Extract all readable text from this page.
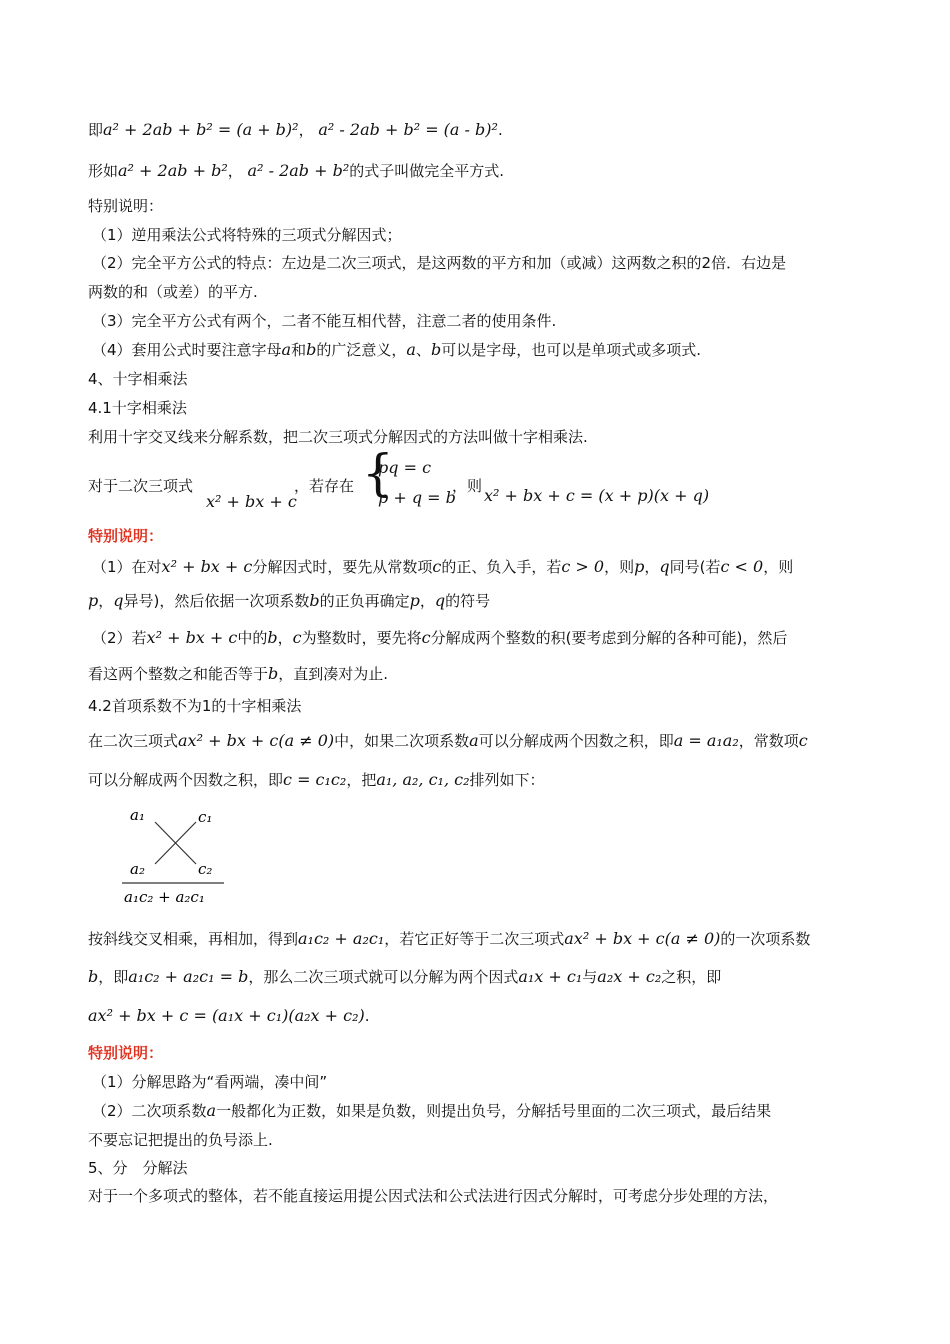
即a² + 2ab + b² = (a + b)²， a² - 2ab + b² = (a - b)².
形如a² + 2ab + b²， a² - 2ab + b²的式子叫做完全平方式.
特别说明：
（1）逆用乘法公式将特殊的三项式分解因式；
（2）完全平方公式的特点：左边是二次三项式，是这两数的平方和加（或减）这两数之积的2倍．右边是
两数的和（或差）的平方.
（3）完全平方公式有两个，二者不能互相代替，注意二者的使用条件.
（4）套用公式时要注意字母a和b的广泛意义，a、b可以是字母，也可以是单项式或多项式.
4、十字相乘法
4.1十字相乘法
利用十字交叉线来分解系数，把二次三项式分解因式的方法叫做十字相乘法.
对于二次三项式
x² + bx + c
，若存在 {
pq = c
p + q = b
，则 x² + bx + c = (x + p)(x + q)
特别说明：
（1）在对x² + bx + c分解因式时，要先从常数项c的正、负入手，若c > 0，则p，q同号(若c < 0，则
p，q异号)，然后依据一次项系数b的正负再确定p，q的符号
（2）若x² + bx + c中的b，c为整数时，要先将c分解成两个整数的积(要考虑到分解的各种可能)，然后
看这两个整数之和能否等于b，直到凑对为止.
4.2首项系数不为1的十字相乘法
在二次三项式ax² + bx + c(a ≠ 0)中，如果二次项系数a可以分解成两个因数之积，即a = a₁a₂，常数项c
可以分解成两个因数之积，即c = c₁c₂，把a₁, a₂, c₁, c₂排列如下：
a₁	c₁
a₂	c₂
a₁c₂ + a₂c₁
按斜线交叉相乘，再相加，得到a₁c₂ + a₂c₁，若它正好等于二次三项式ax² + bx + c(a ≠ 0)的一次项系数
b，即a₁c₂ + a₂c₁ = b，那么二次三项式就可以分解为两个因式a₁x + c₁与a₂x + c₂之积，即
ax² + bx + c = (a₁x + c₁)(a₂x + c₂).
特别说明：
（1）分解思路为“看两端，凑中间”
（2）二次项系数a一般都化为正数，如果是负数，则提出负号，分解括号里面的二次三项式，最后结果
不要忘记把提出的负号添上.
5、分　分解法
对于一个多项式的整体，若不能直接运用提公因式法和公式法进行因式分解时，可考虑分步处理的方法，
